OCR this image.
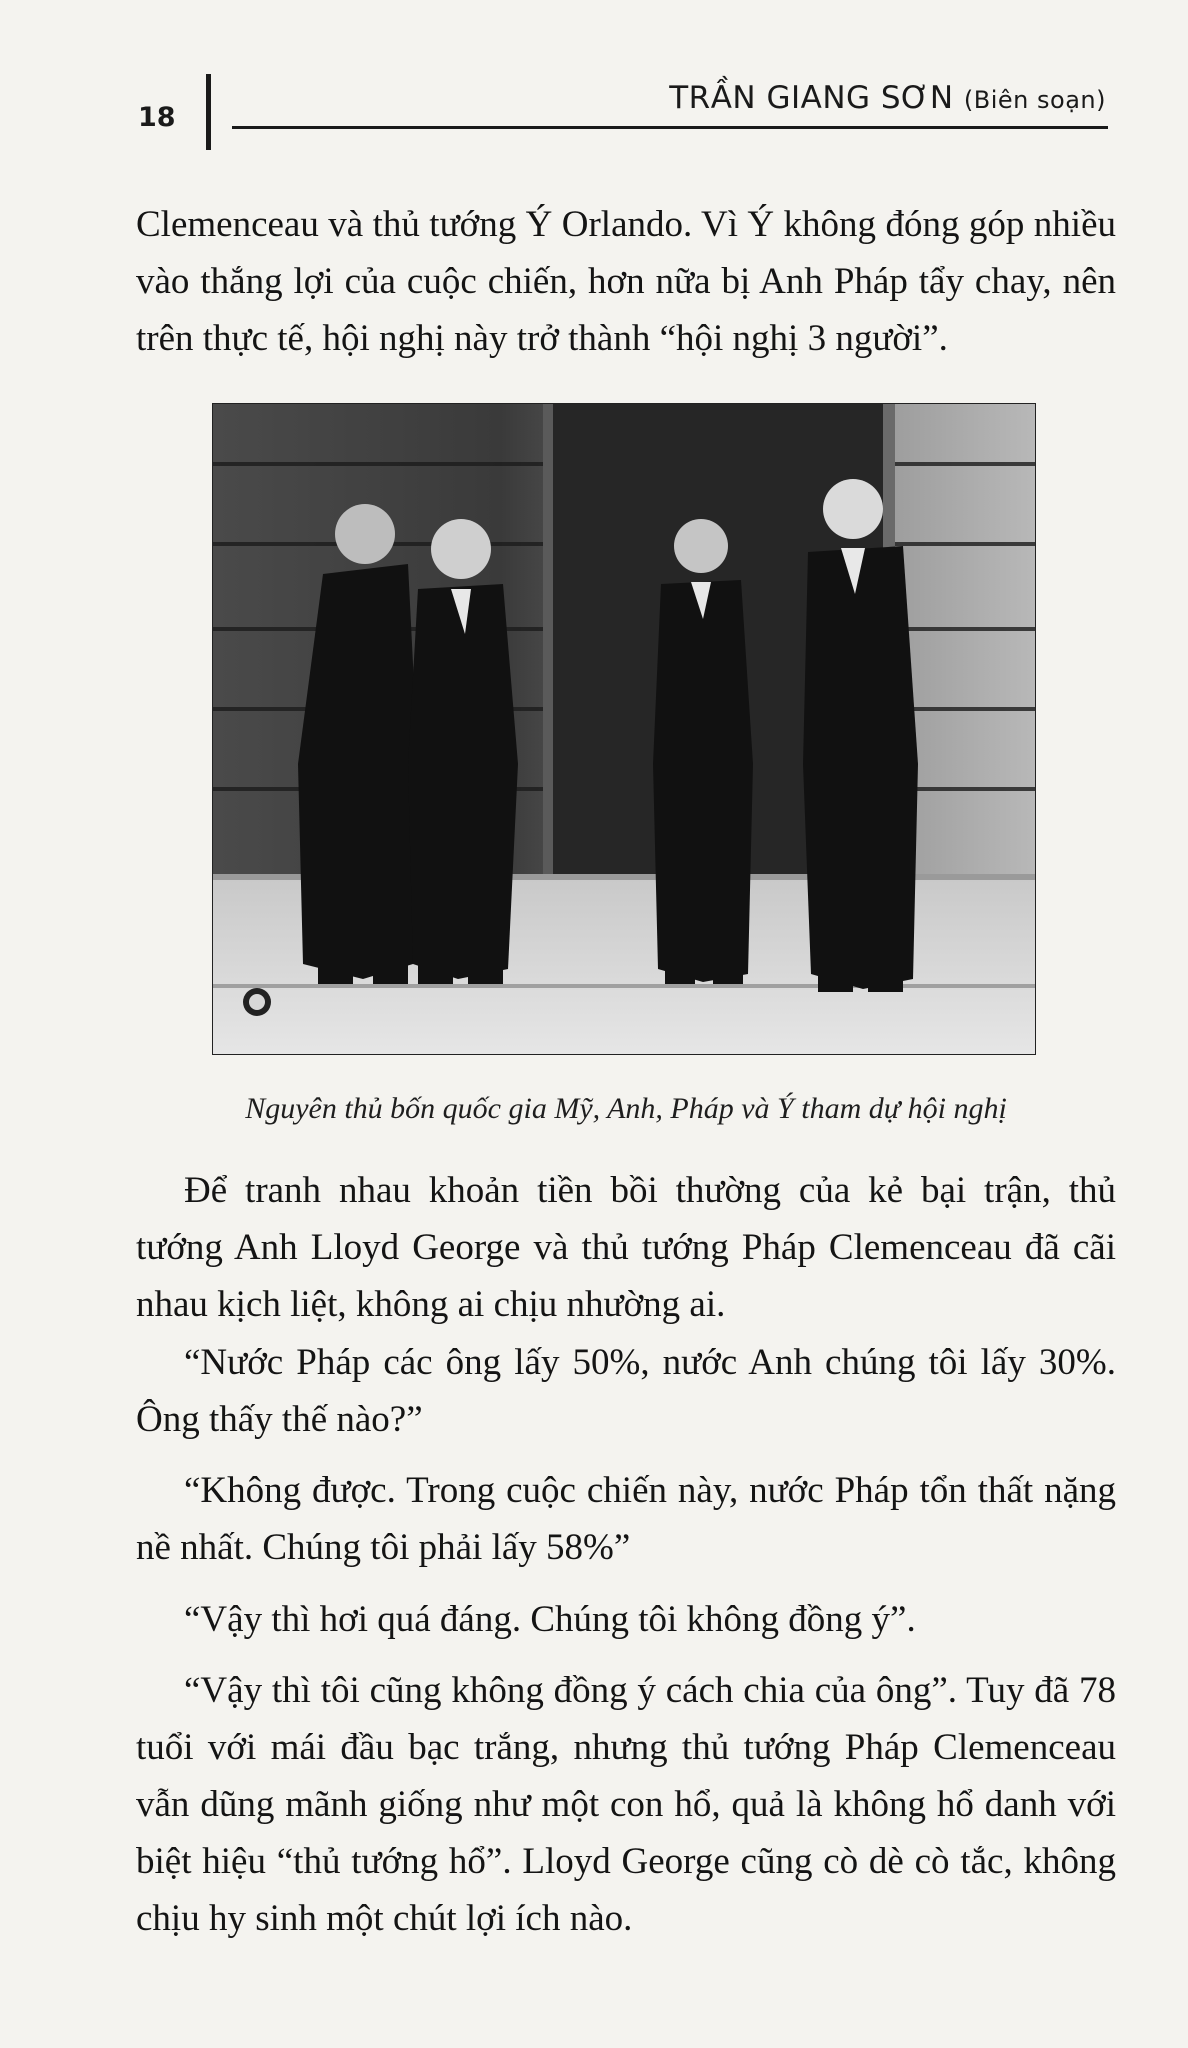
18
TRẦN GIANG SƠN (Biên soạn)

Clemenceau và thủ tướng Ý Orlando. Vì Ý không đóng góp nhiều vào thắng lợi của cuộc chiến, hơn nữa bị Anh Pháp tẩy chay, nên trên thực tế, hội nghị này trở thành “hội nghị 3 người”.

Nguyên thủ bốn quốc gia Mỹ, Anh, Pháp và Ý tham dự hội nghị

Để tranh nhau khoản tiền bồi thường của kẻ bại trận, thủ tướng Anh Lloyd George và thủ tướng Pháp Clemenceau đã cãi nhau kịch liệt, không ai chịu nhường ai.

“Nước Pháp các ông lấy 50%, nước Anh chúng tôi lấy 30%. Ông thấy thế nào?”

“Không được. Trong cuộc chiến này, nước Pháp tổn thất nặng nề nhất. Chúng tôi phải lấy 58%”

“Vậy thì hơi quá đáng. Chúng tôi không đồng ý”.

“Vậy thì tôi cũng không đồng ý cách chia của ông”. Tuy đã 78 tuổi với mái đầu bạc trắng, nhưng thủ tướng Pháp Clemenceau vẫn dũng mãnh giống như một con hổ, quả là không hổ danh với biệt hiệu “thủ tướng hổ”. Lloyd George cũng cò dè cò tắc, không chịu hy sinh một chút lợi ích nào.
